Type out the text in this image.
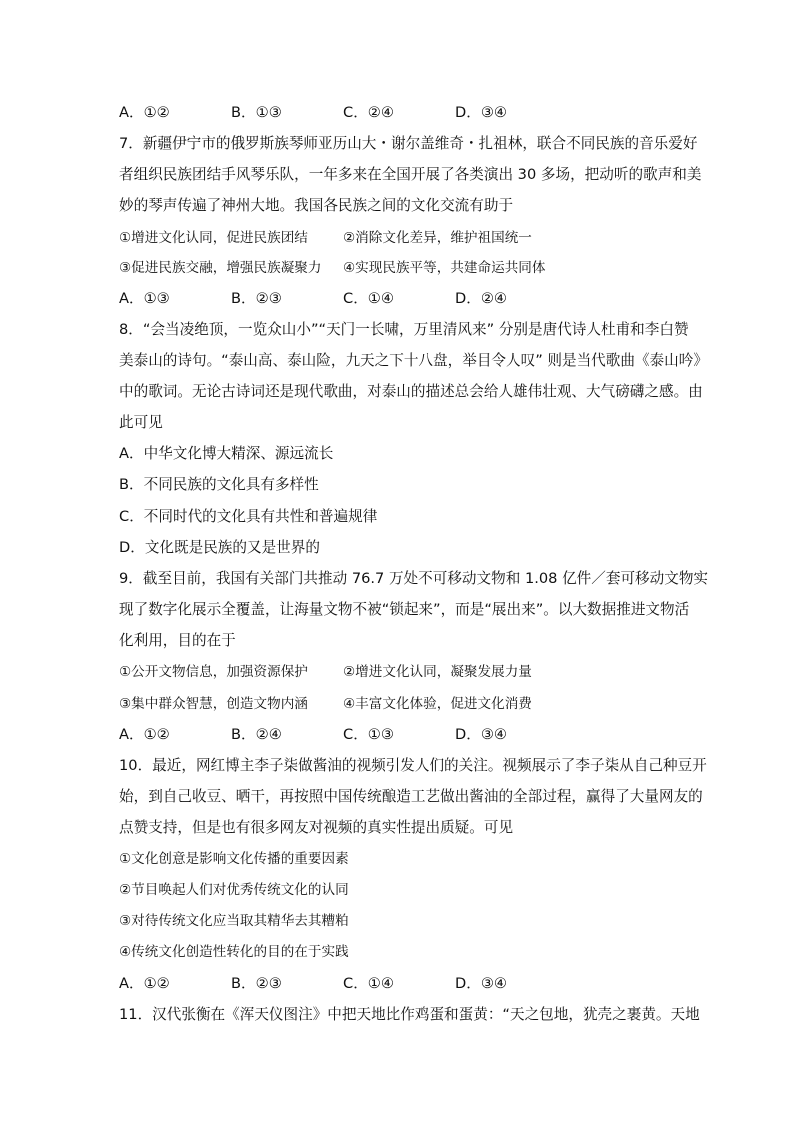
A．①②	B．①③	C．②④	D．③④
7．新疆伊宁市的俄罗斯族琴师亚历山大・谢尔盖维奇・扎祖林，联合不同民族的音乐爱好
者组织民族团结手风琴乐队，一年多来在全国开展了各类演出 30 多场，把动听的歌声和美
妙的琴声传遍了神州大地。我国各民族之间的文化交流有助于
①增进文化认同，促进民族团结	②消除文化差异，维护祖国统一
③促进民族交融，增强民族凝聚力 ④实现民族平等，共建命运共同体
A．①③	B．②③	C．①④	D．②④
8．“会当凌绝顶，一览众山小”“天门一长啸，万里清风来” 分别是唐代诗人杜甫和李白赞
美泰山的诗句。“泰山高、泰山险，九天之下十八盘，举目令人叹” 则是当代歌曲《泰山吟》
中的歌词。无论古诗词还是现代歌曲，对泰山的描述总会给人雄伟壮观、大气磅礴之感。由
此可见
A．中华文化博大精深、源远流长
B．不同民族的文化具有多样性
C．不同时代的文化具有共性和普遍规律
D．文化既是民族的又是世界的
9．截至目前，我国有关部门共推动 76.7 万处不可移动文物和 1.08 亿件／套可移动文物实
现了数字化展示全覆盖，让海量文物不被“锁起来”，而是“展出来”。以大数据推进文物活
化利用，目的在于
①公开文物信息，加强资源保护	②增进文化认同，凝聚发展力量
③集中群众智慧，创造文物内涵	④丰富文化体验，促进文化消费
A．①②	B．②④	C．①③	D．③④
10．最近，网红博主李子柒做酱油的视频引发人们的关注。视频展示了李子柒从自己种豆开
始，到自己收豆、晒干，再按照中国传统酿造工艺做出酱油的全部过程，赢得了大量网友的
点赞支持，但是也有很多网友对视频的真实性提出质疑。可见
①文化创意是影响文化传播的重要因素
②节目唤起人们对优秀传统文化的认同
③对待传统文化应当取其精华去其糟粕
④传统文化创造性转化的目的在于实践
A．①②	B．②③	C．①④	D．③④
11．汉代张衡在《浑天仪图注》中把天地比作鸡蛋和蛋黄：“天之包地，犹壳之裹黄。天地
